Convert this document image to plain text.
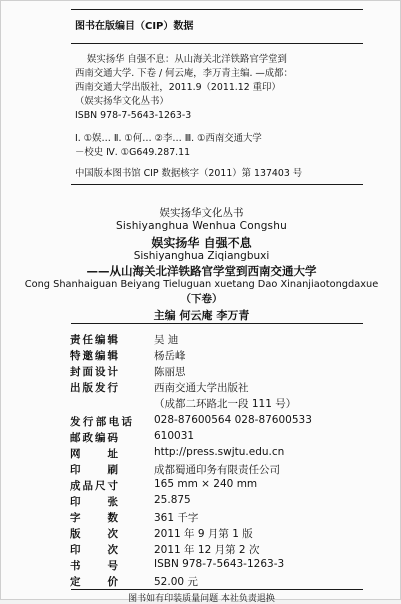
图书在版编目（CIP）数据
娱实扬华 自强不息：从山海关北洋铁路官学堂到
西南交通大学. 下卷 / 何云庵，李万青主编. —成都：
西南交通大学出版社，2011.9（2011.12 重印）
（娱实扬华文化丛书）
ISBN 978-7-5643-1263-3
Ⅰ. ①娱… Ⅱ. ①何… ②李… Ⅲ. ①西南交通大学
－校史 Ⅳ. ①G649.287.11
中国版本图书馆 CIP 数据核字（2011）第 137403 号
娱实扬华文化丛书
Sishiyanghua Wenhua Congshu
娱实扬华 自强不息
Sishiyanghua Ziqiangbuxi
——从山海关北洋铁路官学堂到西南交通大学
Cong Shanhaiguan Beiyang Tieluguan xuetang Dao Xinanjiaotongdaxue
（下卷）
主编 何云庵 李万青
责 任 编 辑	吴 迪
特 邀 编 辑	杨岳峰
封 面 设 计	陈丽思
出 版 发 行	西南交通大学出版社
（成都二环路北一段 111 号）
发 行 部 电 话 028-87600564 028-87600533
邮 政 编 码	610031
网	址	http://press.swjtu.edu.cn
印	刷	成都蜀通印务有限责任公司
成 品 尺 寸	165 mm × 240 mm
印	张	25.875
字	数	361 千字
版	次	2011 年 9 月第 1 版
印	次	2011 年 12 月第 2 次
书	号	ISBN 978-7-5643-1263-3
定	价	52.00 元
图书如有印装质量问题 本社负责退换
